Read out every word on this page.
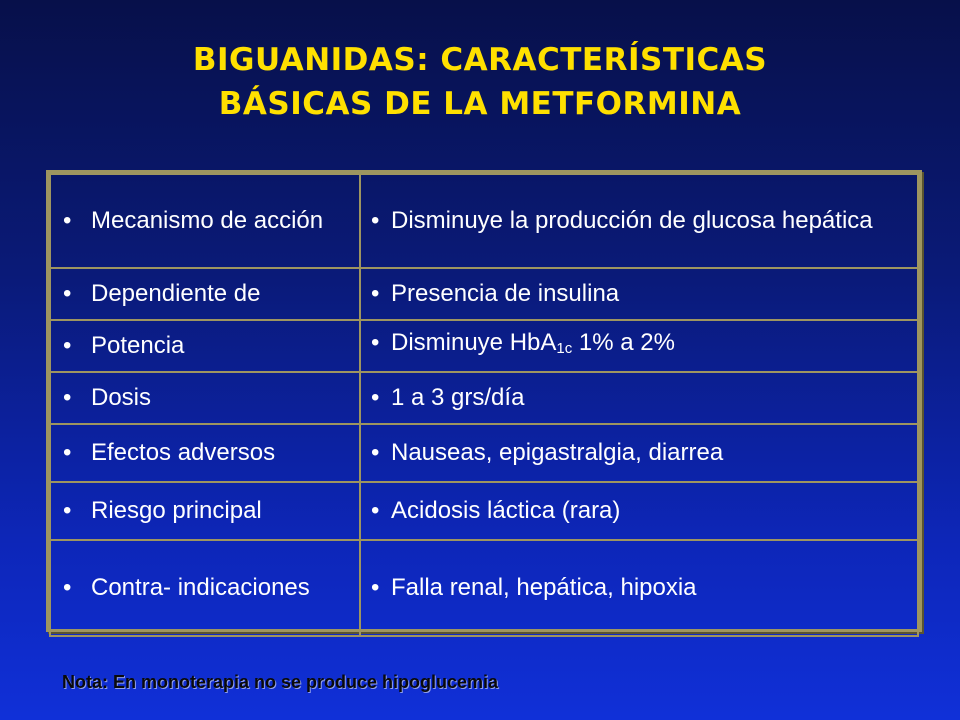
BIGUANIDAS: CARACTERÍSTICAS
BÁSICAS DE LA METFORMINA
• Mecanismo de acción	• Disminuye la producción de glucosa hepática

• Dependiente de	• Presencia de insulina

• Potencia	• Disminuye HbA$_{1c}$ 1% a 2%

• Dosis	• 1 a 3 grs/día

• Efectos adversos	• Nauseas, epigastralgia, diarrea

• Riesgo principal	• Acidosis láctica (rara)

• Contra- indicaciones	• Falla renal, hepática, hipoxia
Nota: En monoterapia no se produce hipoglucemia
